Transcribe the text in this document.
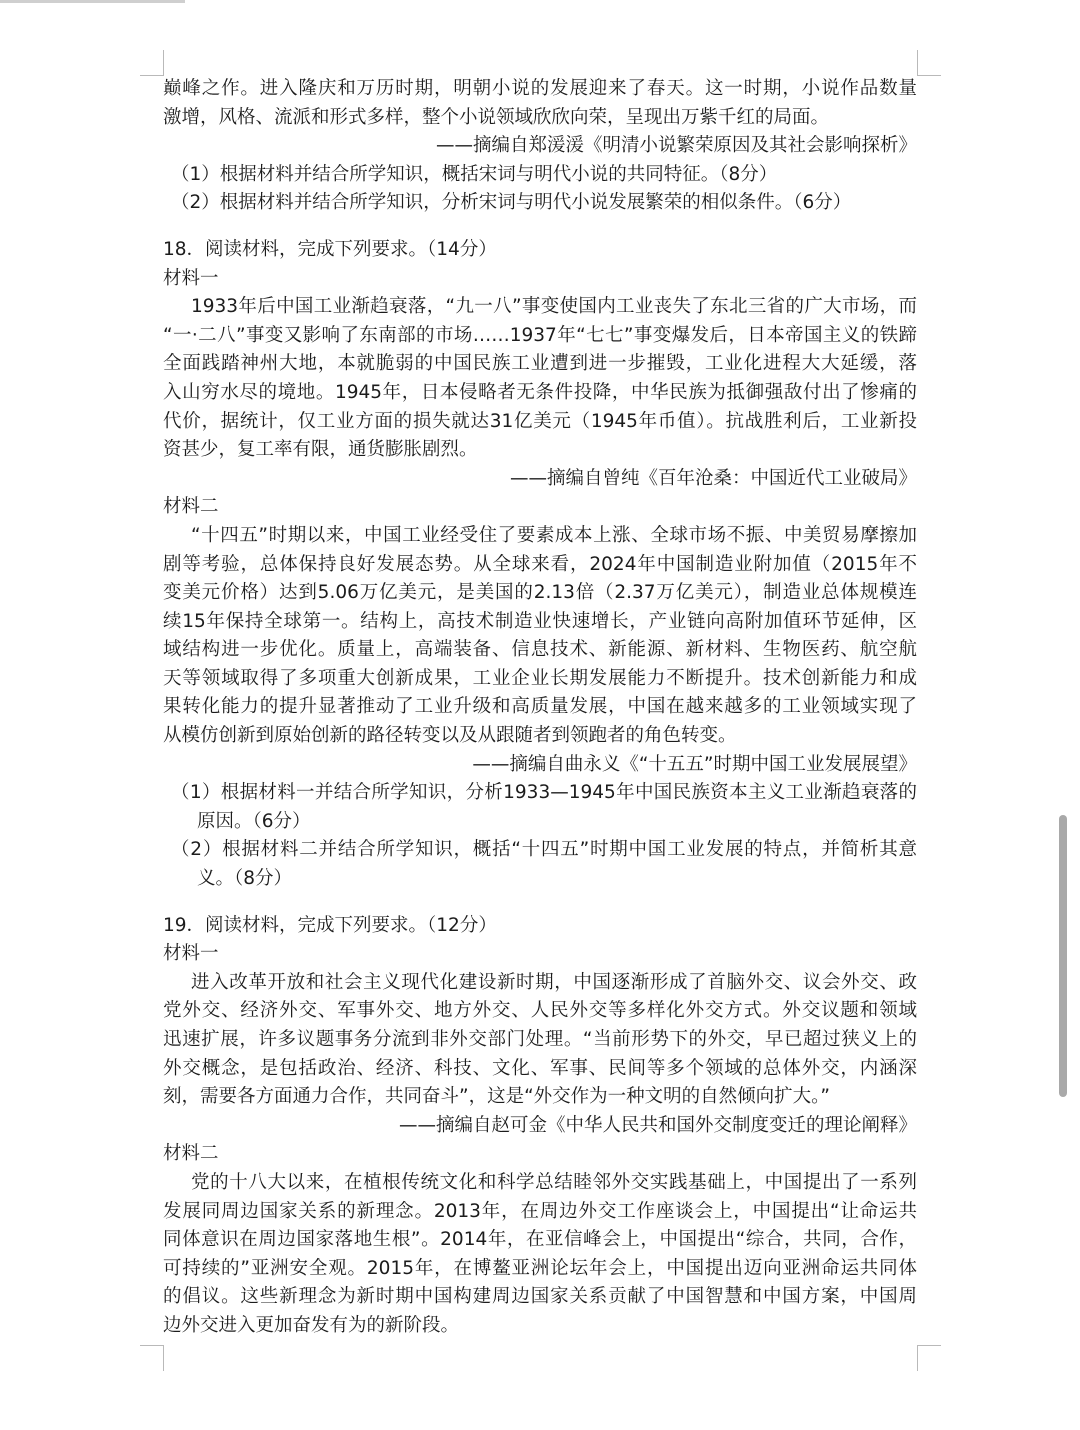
巅峰之作。进入隆庆和万历时期，明朝小说的发展迎来了春天。这一时期，小说作品数量
激增，风格、流派和形式多样，整个小说领域欣欣向荣，呈现出万紫千红的局面。
——摘编自郑湲湲《明清小说繁荣原因及其社会影响探析》
（1）根据材料并结合所学知识，概括宋词与明代小说的共同特征。（8分）
（2）根据材料并结合所学知识，分析宋词与明代小说发展繁荣的相似条件。（6分）
18．阅读材料，完成下列要求。（14分）
材料一
1933年后中国工业渐趋衰落，“九一八”事变使国内工业丧失了东北三省的广大市场，而
“一·二八”事变又影响了东南部的市场……1937年“七七”事变爆发后，日本帝国主义的铁蹄
全面践踏神州大地，本就脆弱的中国民族工业遭到进一步摧毁，工业化进程大大延缓，落
入山穷水尽的境地。1945年，日本侵略者无条件投降，中华民族为抵御强敌付出了惨痛的
代价，据统计，仅工业方面的损失就达31亿美元（1945年币值）。抗战胜利后，工业新投
资甚少，复工率有限，通货膨胀剧烈。
——摘编自曾纯《百年沧桑：中国近代工业破局》
材料二
“十四五”时期以来，中国工业经受住了要素成本上涨、全球市场不振、中美贸易摩擦加
剧等考验，总体保持良好发展态势。从全球来看，2024年中国制造业附加值（2015年不
变美元价格）达到5.06万亿美元，是美国的2.13倍（2.37万亿美元），制造业总体规模连
续15年保持全球第一。结构上，高技术制造业快速增长，产业链向高附加值环节延伸，区
域结构进一步优化。质量上，高端装备、信息技术、新能源、新材料、生物医药、航空航
天等领域取得了多项重大创新成果，工业企业长期发展能力不断提升。技术创新能力和成
果转化能力的提升显著推动了工业升级和高质量发展，中国在越来越多的工业领域实现了
从模仿创新到原始创新的路径转变以及从跟随者到领跑者的角色转变。
——摘编自曲永义《“十五五”时期中国工业发展展望》
（1）根据材料一并结合所学知识，分析1933—1945年中国民族资本主义工业渐趋衰落的
原因。（6分）
（2）根据材料二并结合所学知识，概括“十四五”时期中国工业发展的特点，并简析其意
义。（8分）
19．阅读材料，完成下列要求。（12分）
材料一
进入改革开放和社会主义现代化建设新时期，中国逐渐形成了首脑外交、议会外交、政
党外交、经济外交、军事外交、地方外交、人民外交等多样化外交方式。外交议题和领域
迅速扩展，许多议题事务分流到非外交部门处理。“当前形势下的外交，早已超过狭义上的
外交概念，是包括政治、经济、科技、文化、军事、民间等多个领域的总体外交，内涵深
刻，需要各方面通力合作，共同奋斗”，这是“外交作为一种文明的自然倾向扩大。”
——摘编自赵可金《中华人民共和国外交制度变迁的理论阐释》
材料二
党的十八大以来，在植根传统文化和科学总结睦邻外交实践基础上，中国提出了一系列
发展同周边国家关系的新理念。2013年，在周边外交工作座谈会上，中国提出“让命运共
同体意识在周边国家落地生根”。2014年，在亚信峰会上，中国提出“综合，共同，合作，
可持续的”亚洲安全观。2015年，在博鳌亚洲论坛年会上，中国提出迈向亚洲命运共同体
的倡议。这些新理念为新时期中国构建周边国家关系贡献了中国智慧和中国方案，中国周
边外交进入更加奋发有为的新阶段。
